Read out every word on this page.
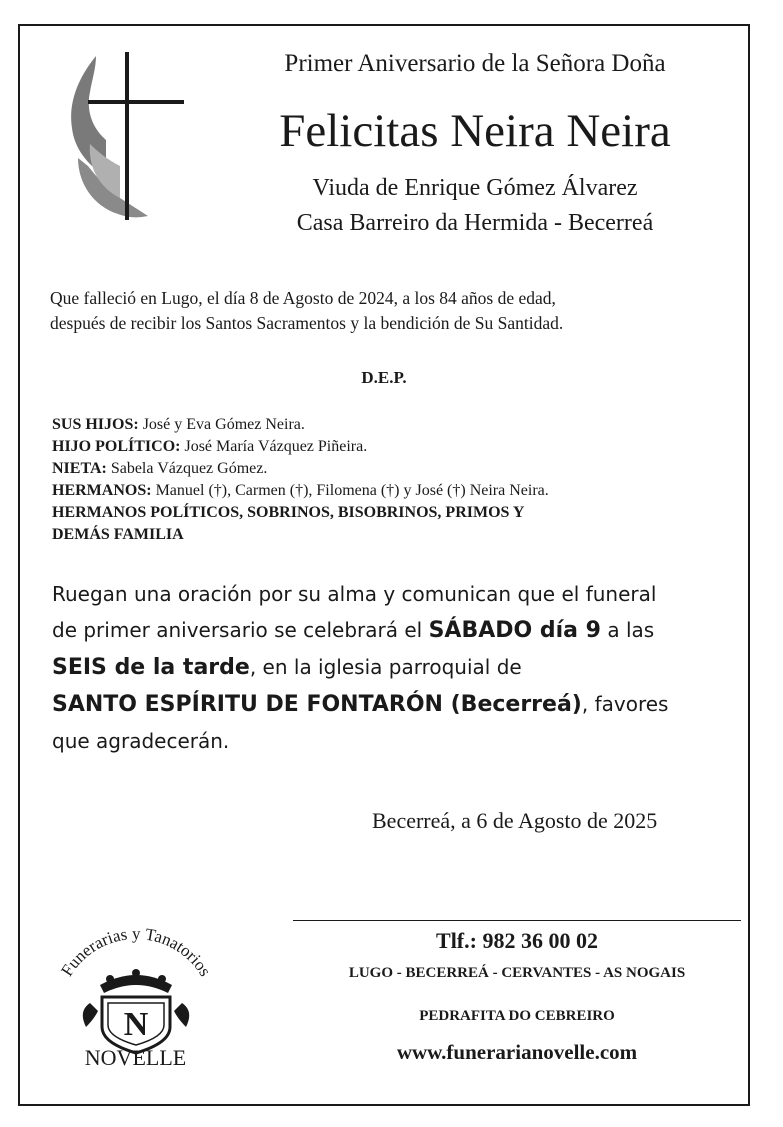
Primer Aniversario de la Señora Doña
Felicitas Neira Neira
Viuda de Enrique Gómez Álvarez
Casa Barreiro da Hermida - Becerreá
Que falleció en Lugo, el día 8 de Agosto de 2024, a los 84 años de edad,
después de recibir los Santos Sacramentos y la bendición de Su Santidad.
D.E.P.
SUS HIJOS: José y Eva Gómez Neira.
HIJO POLÍTICO: José María Vázquez Piñeira.
NIETA: Sabela Vázquez Gómez.
HERMANOS: Manuel (†), Carmen (†), Filomena (†) y José (†) Neira Neira.
HERMANOS POLÍTICOS, SOBRINOS, BISOBRINOS, PRIMOS Y
DEMÁS FAMILIA
Ruegan una oración por su alma y comunican que el funeral
de primer aniversario se celebrará el SÁBADO día 9 a las
SEIS de la tarde, en la iglesia parroquial de
SANTO ESPÍRITU DE FONTARÓN (Becerreá), favores
que agradecerán.
Becerreá, a 6 de Agosto de 2025
Tlf.: 982 36 00 02
LUGO - BECERREÁ - CERVANTES - AS NOGAIS
PEDRAFITA DO CEBREIRO
www.funerarianovelle.com
Funerarias y Tanatorios
N
NOVELLE
